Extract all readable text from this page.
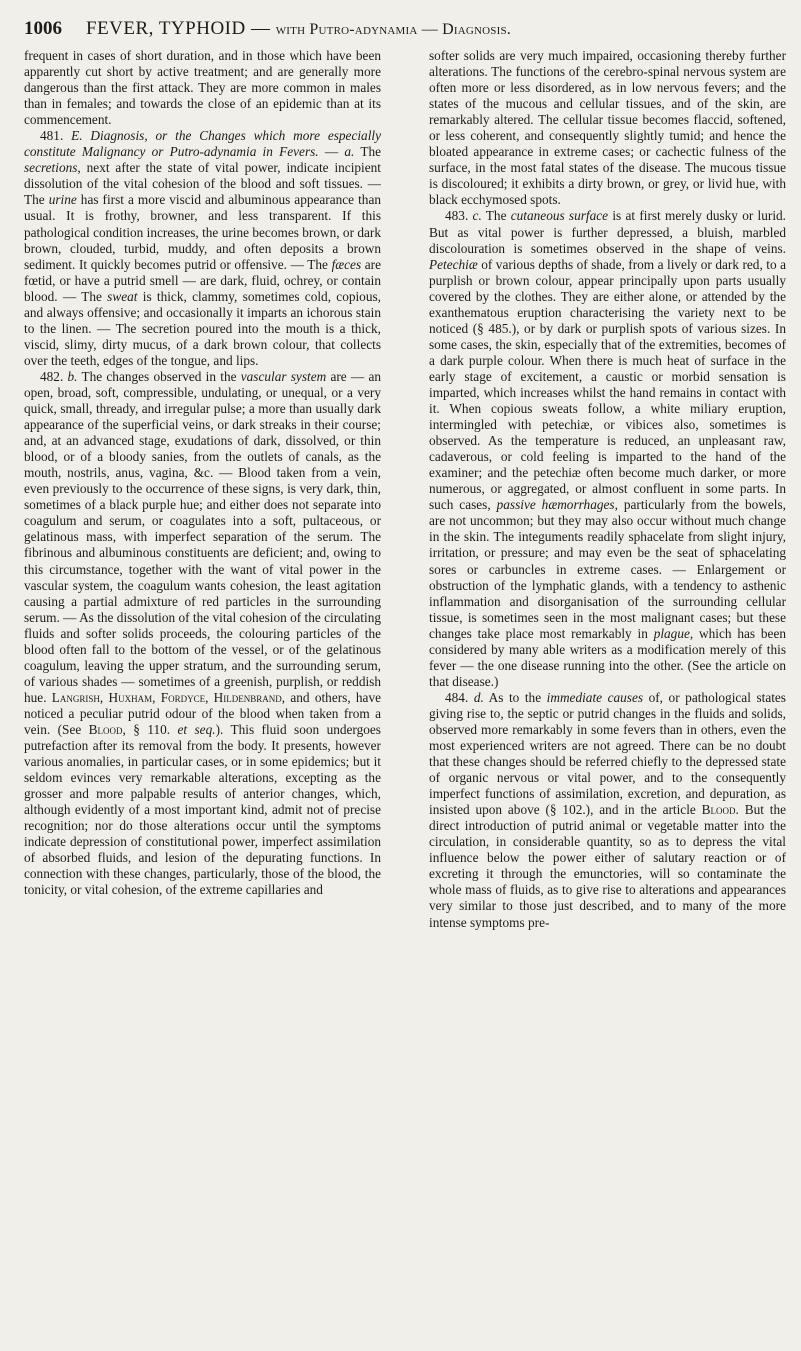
1006 FEVER, TYPHOID — with Putro-adynamia — Diagnosis.

frequent in cases of short duration, and in those which have been apparently cut short by active treatment; and are generally more dangerous than the first attack. They are more common in males than in females; and towards the close of an epidemic than at its commencement.

481. E. Diagnosis, or the Changes which more especially constitute Malignancy or Putro-adynamia in Fevers. — a. The secretions, next after the state of vital power, indicate incipient dissolution of the vital cohesion of the blood and soft tissues. — The urine has first a more viscid and albuminous appearance than usual. It is frothy, browner, and less transparent. If this pathological condition increases, the urine becomes brown, or dark brown, clouded, turbid, muddy, and often deposits a brown sediment. It quickly becomes putrid or offensive. — The fæces are fœtid, or have a putrid smell — are dark, fluid, ochrey, or contain blood. — The sweat is thick, clammy, sometimes cold, copious, and always offensive; and occasionally it imparts an ichorous stain to the linen. — The secretion poured into the mouth is a thick, viscid, slimy, dirty mucus, of a dark brown colour, that collects over the teeth, edges of the tongue, and lips.

482. b. The changes observed in the vascular system are — an open, broad, soft, compressible, undulating, or unequal, or a very quick, small, thready, and irregular pulse; a more than usually dark appearance of the superficial veins, or dark streaks in their course; and, at an advanced stage, exudations of dark, dissolved, or thin blood, or of a bloody sanies, from the outlets of canals, as the mouth, nostrils, anus, vagina, &c. — Blood taken from a vein, even previously to the occurrence of these signs, is very dark, thin, sometimes of a black purple hue; and either does not separate into coagulum and serum, or coagulates into a soft, pultaceous, or gelatinous mass, with imperfect separation of the serum. The fibrinous and albuminous constituents are deficient; and, owing to this circumstance, together with the want of vital power in the vascular system, the coagulum wants cohesion, the least agitation causing a partial admixture of red particles in the surrounding serum. — As the dissolution of the vital cohesion of the circulating fluids and softer solids proceeds, the colouring particles of the blood often fall to the bottom of the vessel, or of the gelatinous coagulum, leaving the upper stratum, and the surrounding serum, of various shades — sometimes of a greenish, purplish, or reddish hue. Langrish, Huxham, Fordyce, Hildenbrand, and others, have noticed a peculiar putrid odour of the blood when taken from a vein. (See Blood, § 110. et seq.). This fluid soon undergoes putrefaction after its removal from the body. It presents, however various anomalies, in particular cases, or in some epidemics; but it seldom evinces very remarkable alterations, excepting as the grosser and more palpable results of anterior changes, which, although evidently of a most important kind, admit not of precise recognition; nor do those alterations occur until the symptoms indicate depression of constitutional power, imperfect assimilation of absorbed fluids, and lesion of the depurating functions. In connection with these changes, particularly, those of the blood, the tonicity, or vital cohesion, of the extreme capillaries and

softer solids are very much impaired, occasioning thereby further alterations. The functions of the cerebro-spinal nervous system are often more or less disordered, as in low nervous fevers; and the states of the mucous and cellular tissues, and of the skin, are remarkably altered. The cellular tissue becomes flaccid, softened, or less coherent, and consequently slightly tumid; and hence the bloated appearance in extreme cases; or cachectic fulness of the surface, in the most fatal states of the disease. The mucous tissue is discoloured; it exhibits a dirty brown, or grey, or livid hue, with black ecchymosed spots.

483. c. The cutaneous surface is at first merely dusky or lurid. But as vital power is further depressed, a bluish, marbled discolouration is sometimes observed in the shape of veins. Petechiæ of various depths of shade, from a lively or dark red, to a purplish or brown colour, appear principally upon parts usually covered by the clothes. They are either alone, or attended by the exanthematous eruption characterising the variety next to be noticed (§ 485.), or by dark or purplish spots of various sizes. In some cases, the skin, especially that of the extremities, becomes of a dark purple colour. When there is much heat of surface in the early stage of excitement, a caustic or morbid sensation is imparted, which increases whilst the hand remains in contact with it. When copious sweats follow, a white miliary eruption, intermingled with petechiæ, or vibices also, sometimes is observed. As the temperature is reduced, an unpleasant raw, cadaverous, or cold feeling is imparted to the hand of the examiner; and the petechiæ often become much darker, or more numerous, or aggregated, or almost confluent in some parts. In such cases, passive hæmorrhages, particularly from the bowels, are not uncommon; but they may also occur without much change in the skin. The integuments readily sphacelate from slight injury, irritation, or pressure; and may even be the seat of sphacelating sores or carbuncles in extreme cases. — Enlargement or obstruction of the lymphatic glands, with a tendency to asthenic inflammation and disorganisation of the surrounding cellular tissue, is sometimes seen in the most malignant cases; but these changes take place most remarkably in plague, which has been considered by many able writers as a modification merely of this fever — the one disease running into the other. (See the article on that disease.)

484. d. As to the immediate causes of, or pathological states giving rise to, the septic or putrid changes in the fluids and solids, observed more remarkably in some fevers than in others, even the most experienced writers are not agreed. There can be no doubt that these changes should be referred chiefly to the depressed state of organic nervous or vital power, and to the consequently imperfect functions of assimilation, excretion, and depuration, as insisted upon above (§ 102.), and in the article Blood. But the direct introduction of putrid animal or vegetable matter into the circulation, in considerable quantity, so as to depress the vital influence below the power either of salutary reaction or of excreting it through the emunctories, will so contaminate the whole mass of fluids, as to give rise to alterations and appearances very similar to those just described, and to many of the more intense symptoms pre-
